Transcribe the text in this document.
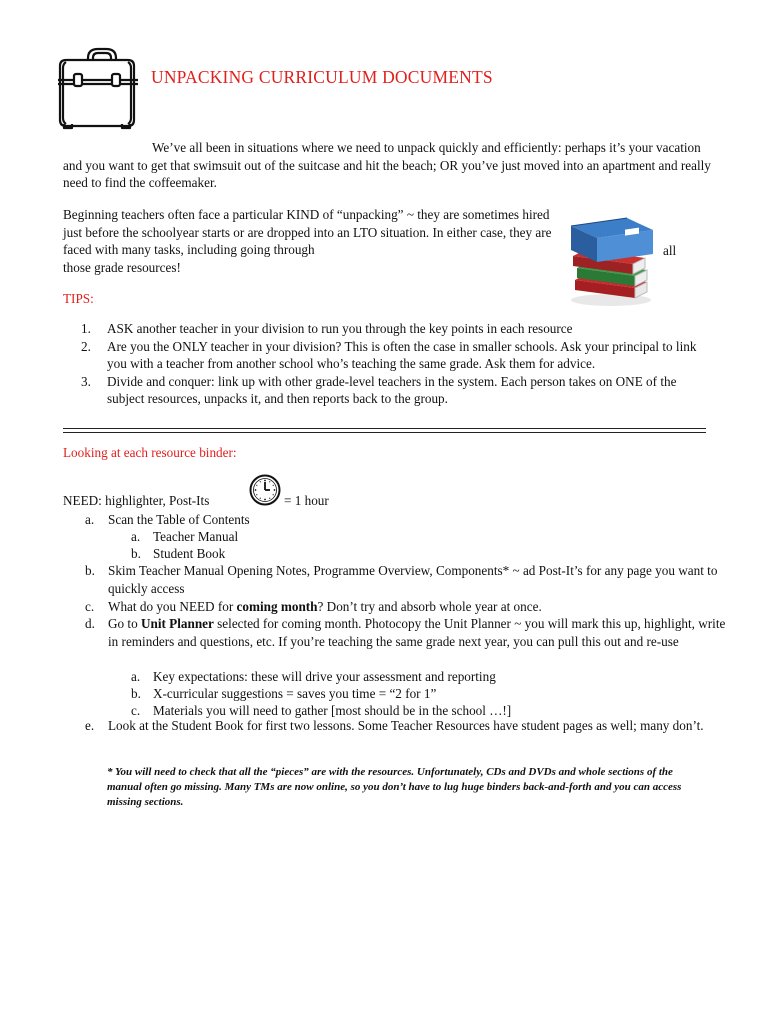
UNPACKING CURRICULUM DOCUMENTS
We’ve all been in situations where we need to unpack quickly and efficiently: perhaps it’s your vacation and you want to get that swimsuit out of the suitcase and hit the beach; OR you’ve just moved into an apartment and really need to find the coffeemaker.
Beginning teachers often face a particular KIND of “unpacking” ~ they are sometimes hired just before the schoolyear starts or are dropped into an LTO situation. In either case, they are faced with many tasks, including going through
those grade resources!
all
TIPS:
1. ASK another teacher in your division to run you through the key points in each resource
2. Are you the ONLY teacher in your division? This is often the case in smaller schools. Ask your principal to link you with a teacher from another school who’s teaching the same grade. Ask them for advice.
3. Divide and conquer: link up with other grade-level teachers in the system. Each person takes on ONE of the subject resources, unpacks it, and then reports back to the group.
Looking at each resource binder:
NEED: highlighter, Post-Its	= 1 hour
a. Scan the Table of Contents
a. Teacher Manual
b. Student Book
b. Skim Teacher Manual Opening Notes, Programme Overview, Components* ~ ad Post-It’s for any page you want to quickly access
c. What do you NEED for coming month? Don’t try and absorb whole year at once.
d. Go to Unit Planner selected for coming month. Photocopy the Unit Planner ~ you will mark this up, highlight, write in reminders and questions, etc. If you’re teaching the same grade next year, you can pull this out and re-use
a. Key expectations: these will drive your assessment and reporting
b. X-curricular suggestions = saves you time = “2 for 1”
c. Materials you will need to gather [most should be in the school …!]
e. Look at the Student Book for first two lessons. Some Teacher Resources have student pages as well; many don’t.
* You will need to check that all the “pieces” are with the resources. Unfortunately, CDs and DVDs and whole sections of the manual often go missing. Many TMs are now online, so you don’t have to lug huge binders back-and-forth and you can access missing sections.
